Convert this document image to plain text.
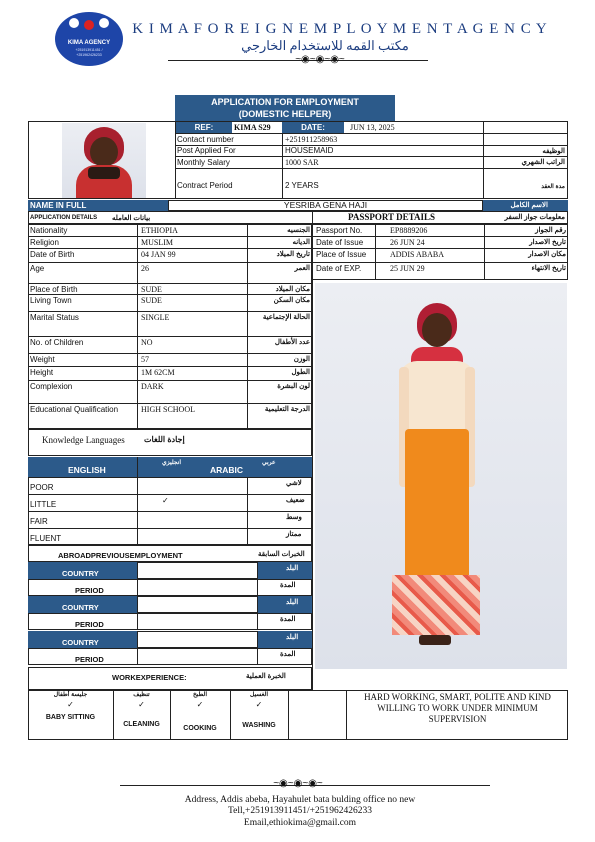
KIMA AGENCY
+251913911451 / +251962426233
K I M A F O R E I G N E M P L O Y M E N T A G E N C Y
مكتب القمه للاستخدام الخارجي
~◉~◉~◉~
APPLICATION FOR EMPLOYMENT
(DOMESTIC HELPER)
REF:	KIMA S29	DATE:	JUN 13, 2025
Contact number	+251911258963
Post Applied For	HOUSEMAID	الوظيفه
Monthly Salary	1000 SAR	الراتب الشهري
Contract Period	2 YEARS	مدة العقد
NAME IN FULL	YESRIBA GENA HAJI	الاسم الكامل
APPLICATION DETAILS بيانات العامله	PASSPORT DETAILS	معلومات جواز السفر
Nationality	ETHIOPIA	الجنسيه
Religion	MUSLIM	الديانه
Date of Birth	04 JAN 99	تاريخ الميلاد
Age	26	العمر
Place of Birth	SUDE	مكان الميلاد
Living Town	SUDE	مكان السكن
Marital Status	SINGLE	الحالة الإجتماعية
No. of Children	NO	عدد الأطفال
Weight	57	الوزن
Height	1M 62CM	الطول
Complexion	DARK	لون البشرة
Educational Qualification	HIGH SCHOOL	الدرجة التعليمية
Passport No.	EP8889206	رقم الجواز
Date of Issue	26 JUN 24	تاريخ الاصدار
Place of Issue	ADDIS ABABA	مكان الاصدار
Date of EXP.	25 JUN 29	تاريخ الانتهاء
Knowledge Languages إجادة اللغات
ENGLISH
انجليزي
ARABIC
عربي
POOR	لاشي
LITTLE	✓	ضعيف
FAIR	وسط
FLUENT	ممتاز
ABROADPREVIOUSEMPLOYMENT	الخبرات السابقة
COUNTRY
البلد
PERIOD
المدة
COUNTRY
البلد
PERIOD
المدة
COUNTRY
البلد
PERIOD
المدة
WORKEXPERIENCE:	الخبرة العملية
جليسة أطفال
✓
BABY SITTING
تنظيف
✓
CLEANING
الطبخ
✓
COOKING
الغسيل
✓
WASHING
HARD WORKING, SMART, POLITE AND KIND WILLING TO WORK UNDER MINIMUM SUPERVISION
~◉~◉~◉~
Address, Addis abeba, Hayahulet bata bulding office no new
Tell,+251913911451/+251962426233
Email,ethiokima@gmail.com
